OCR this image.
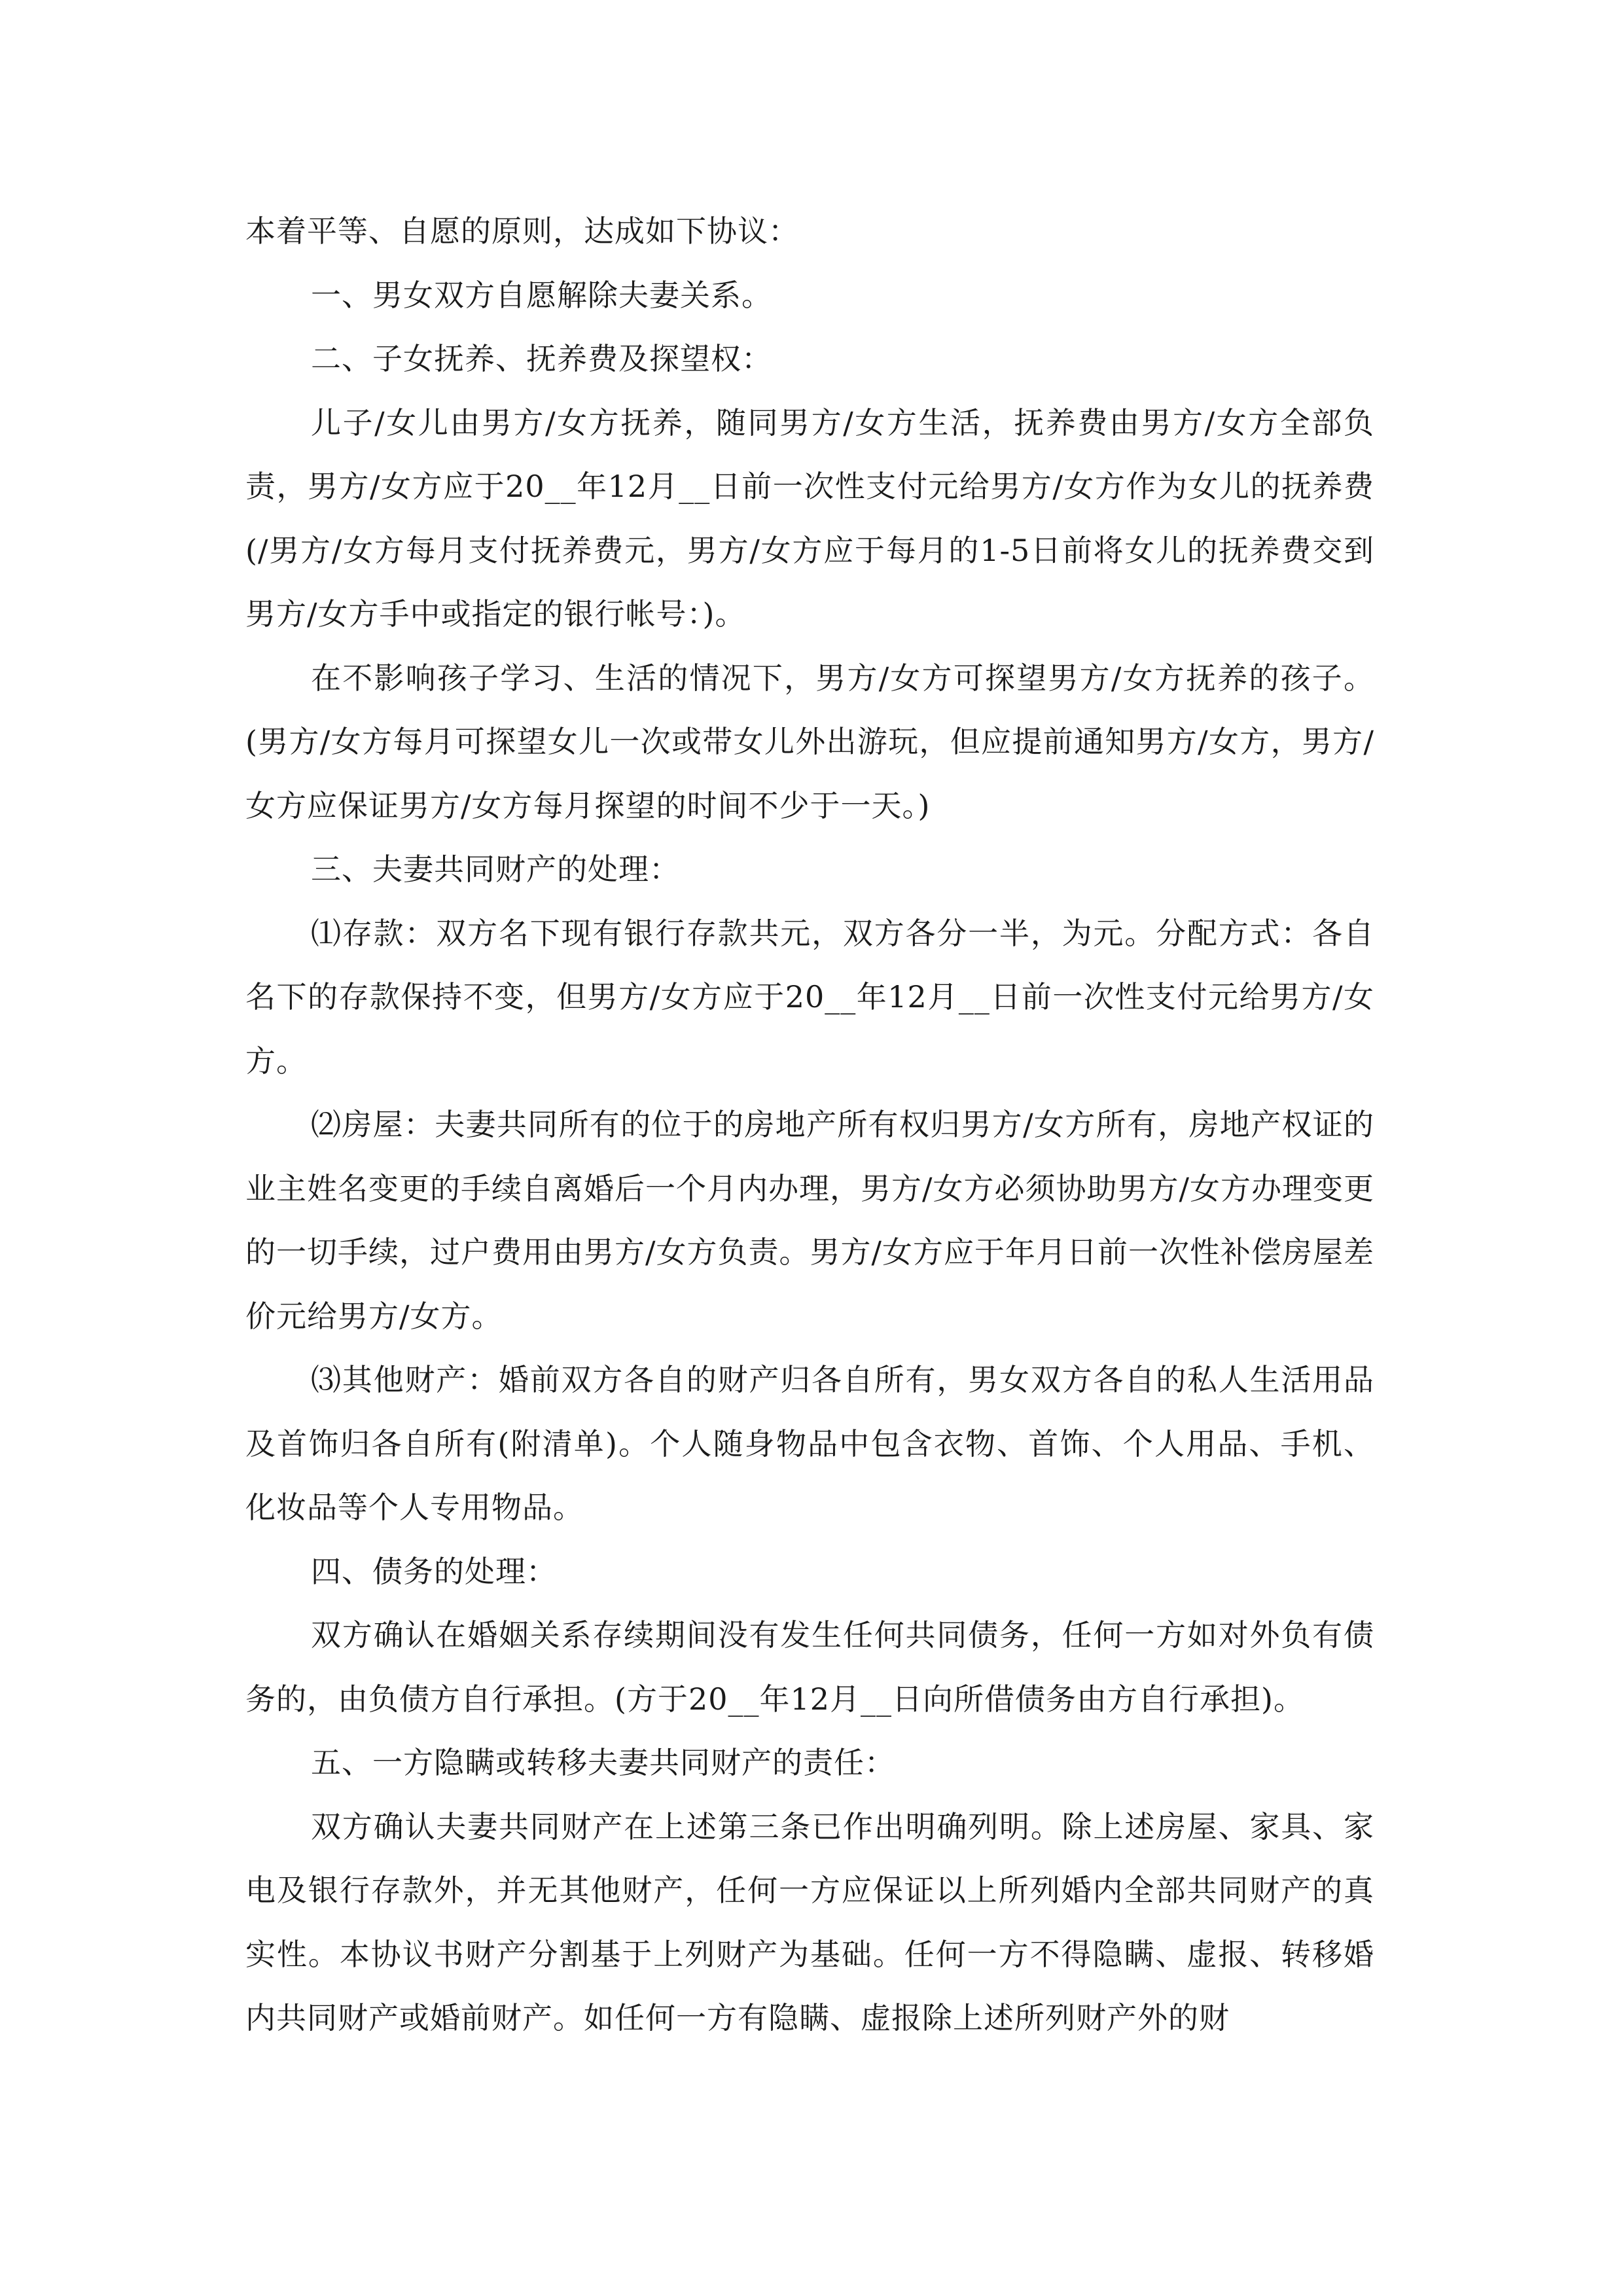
本着平等、自愿的原则，达成如下协议：

一、男女双方自愿解除夫妻关系。

二、子女抚养、抚养费及探望权：

儿子/女儿由男方/女方抚养，随同男方/女方生活，抚养费由男方/女方全部负责，男方/女方应于20__年12月__日前一次性支付元给男方/女方作为女儿的抚养费(/男方/女方每月支付抚养费元，男方/女方应于每月的1-5日前将女儿的抚养费交到男方/女方手中或指定的银行帐号：)。

在不影响孩子学习、生活的情况下，男方/女方可探望男方/女方抚养的孩子。(男方/女方每月可探望女儿一次或带女儿外出游玩，但应提前通知男方/女方，男方/女方应保证男方/女方每月探望的时间不少于一天。)

三、夫妻共同财产的处理：

⑴存款：双方名下现有银行存款共元，双方各分一半，为元。分配方式：各自名下的存款保持不变，但男方/女方应于20__年12月__日前一次性支付元给男方/女方。

⑵房屋：夫妻共同所有的位于的房地产所有权归男方/女方所有，房地产权证的业主姓名变更的手续自离婚后一个月内办理，男方/女方必须协助男方/女方办理变更的一切手续，过户费用由男方/女方负责。男方/女方应于年月日前一次性补偿房屋差价元给男方/女方。

⑶其他财产：婚前双方各自的财产归各自所有，男女双方各自的私人生活用品及首饰归各自所有(附清单)。个人随身物品中包含衣物、首饰、个人用品、手机、化妆品等个人专用物品。

四、债务的处理：

双方确认在婚姻关系存续期间没有发生任何共同债务，任何一方如对外负有债务的，由负债方自行承担。(方于20__年12月__日向所借债务由方自行承担)。

五、一方隐瞒或转移夫妻共同财产的责任：

双方确认夫妻共同财产在上述第三条已作出明确列明。除上述房屋、家具、家电及银行存款外，并无其他财产，任何一方应保证以上所列婚内全部共同财产的真实性。本协议书财产分割基于上列财产为基础。任何一方不得隐瞒、虚报、转移婚内共同财产或婚前财产。如任何一方有隐瞒、虚报除上述所列财产外的财
